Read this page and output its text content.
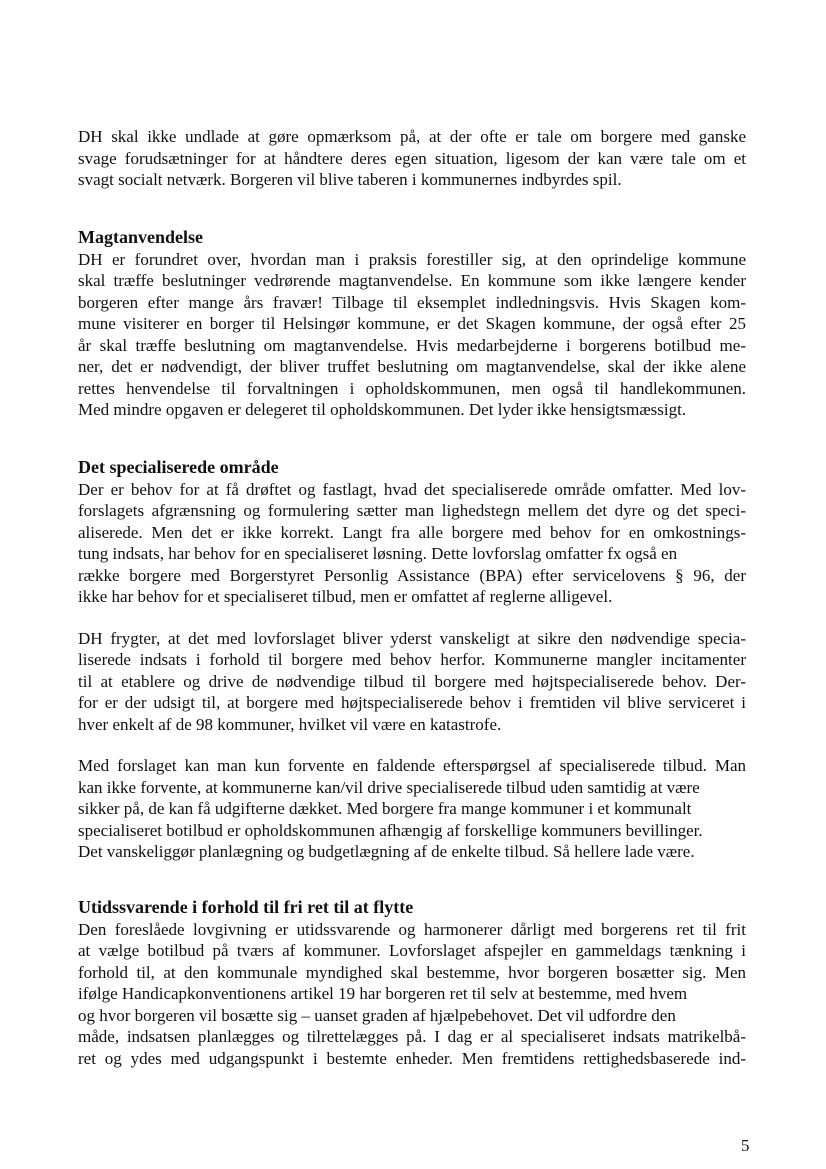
DH skal ikke undlade at gøre opmærksom på, at der ofte er tale om borgere med ganske
svage forudsætninger for at håndtere deres egen situation, ligesom der kan være tale om et
svagt socialt netværk. Borgeren vil blive taberen i kommunernes indbyrdes spil.
Magtanvendelse
DH er forundret over, hvordan man i praksis forestiller sig, at den oprindelige kommune
skal træffe beslutninger vedrørende magtanvendelse. En kommune som ikke længere kender
borgeren efter mange års fravær! Tilbage til eksemplet indledningsvis. Hvis Skagen kom-
mune visiterer en borger til Helsingør kommune, er det Skagen kommune, der også efter 25
år skal træffe beslutning om magtanvendelse. Hvis medarbejderne i borgerens botilbud me-
ner, det er nødvendigt, der bliver truffet beslutning om magtanvendelse, skal der ikke alene
rettes henvendelse til forvaltningen i opholdskommunen, men også til handlekommunen.
Med mindre opgaven er delegeret til opholdskommunen. Det lyder ikke hensigtsmæssigt.
Det specialiserede område
Der er behov for at få drøftet og fastlagt, hvad det specialiserede område omfatter. Med lov-
forslagets afgrænsning og formulering sætter man lighedstegn mellem det dyre og det speci-
aliserede. Men det er ikke korrekt. Langt fra alle borgere med behov for en omkostnings-
tung indsats, har behov for en specialiseret løsning. Dette lovforslag omfatter fx også en
række borgere med Borgerstyret Personlig Assistance (BPA) efter servicelovens § 96, der
ikke har behov for et specialiseret tilbud, men er omfattet af reglerne alligevel.
DH frygter, at det med lovforslaget bliver yderst vanskeligt at sikre den nødvendige specia-
liserede indsats i forhold til borgere med behov herfor. Kommunerne mangler incitamenter
til at etablere og drive de nødvendige tilbud til borgere med højtspecialiserede behov. Der-
for er der udsigt til, at borgere med højtspecialiserede behov i fremtiden vil blive serviceret i
hver enkelt af de 98 kommuner, hvilket vil være en katastrofe.
Med forslaget kan man kun forvente en faldende efterspørgsel af specialiserede tilbud. Man
kan ikke forvente, at kommunerne kan/vil drive specialiserede tilbud uden samtidig at være
sikker på, de kan få udgifterne dækket. Med borgere fra mange kommuner i et kommunalt
specialiseret botilbud er opholdskommunen afhængig af forskellige kommuners bevillinger.
Det vanskeliggør planlægning og budgetlægning af de enkelte tilbud. Så hellere lade være.
Utidssvarende i forhold til fri ret til at flytte
Den foreslåede lovgivning er utidssvarende og harmonerer dårligt med borgerens ret til frit
at vælge botilbud på tværs af kommuner. Lovforslaget afspejler en gammeldags tænkning i
forhold til, at den kommunale myndighed skal bestemme, hvor borgeren bosætter sig. Men
ifølge Handicapkonventionens artikel 19 har borgeren ret til selv at bestemme, med hvem
og hvor borgeren vil bosætte sig – uanset graden af hjælpebehovet. Det vil udfordre den
måde, indsatsen planlægges og tilrettelægges på. I dag er al specialiseret indsats matrikelbå-
ret og ydes med udgangspunkt i bestemte enheder. Men fremtidens rettighedsbaserede ind-
5
